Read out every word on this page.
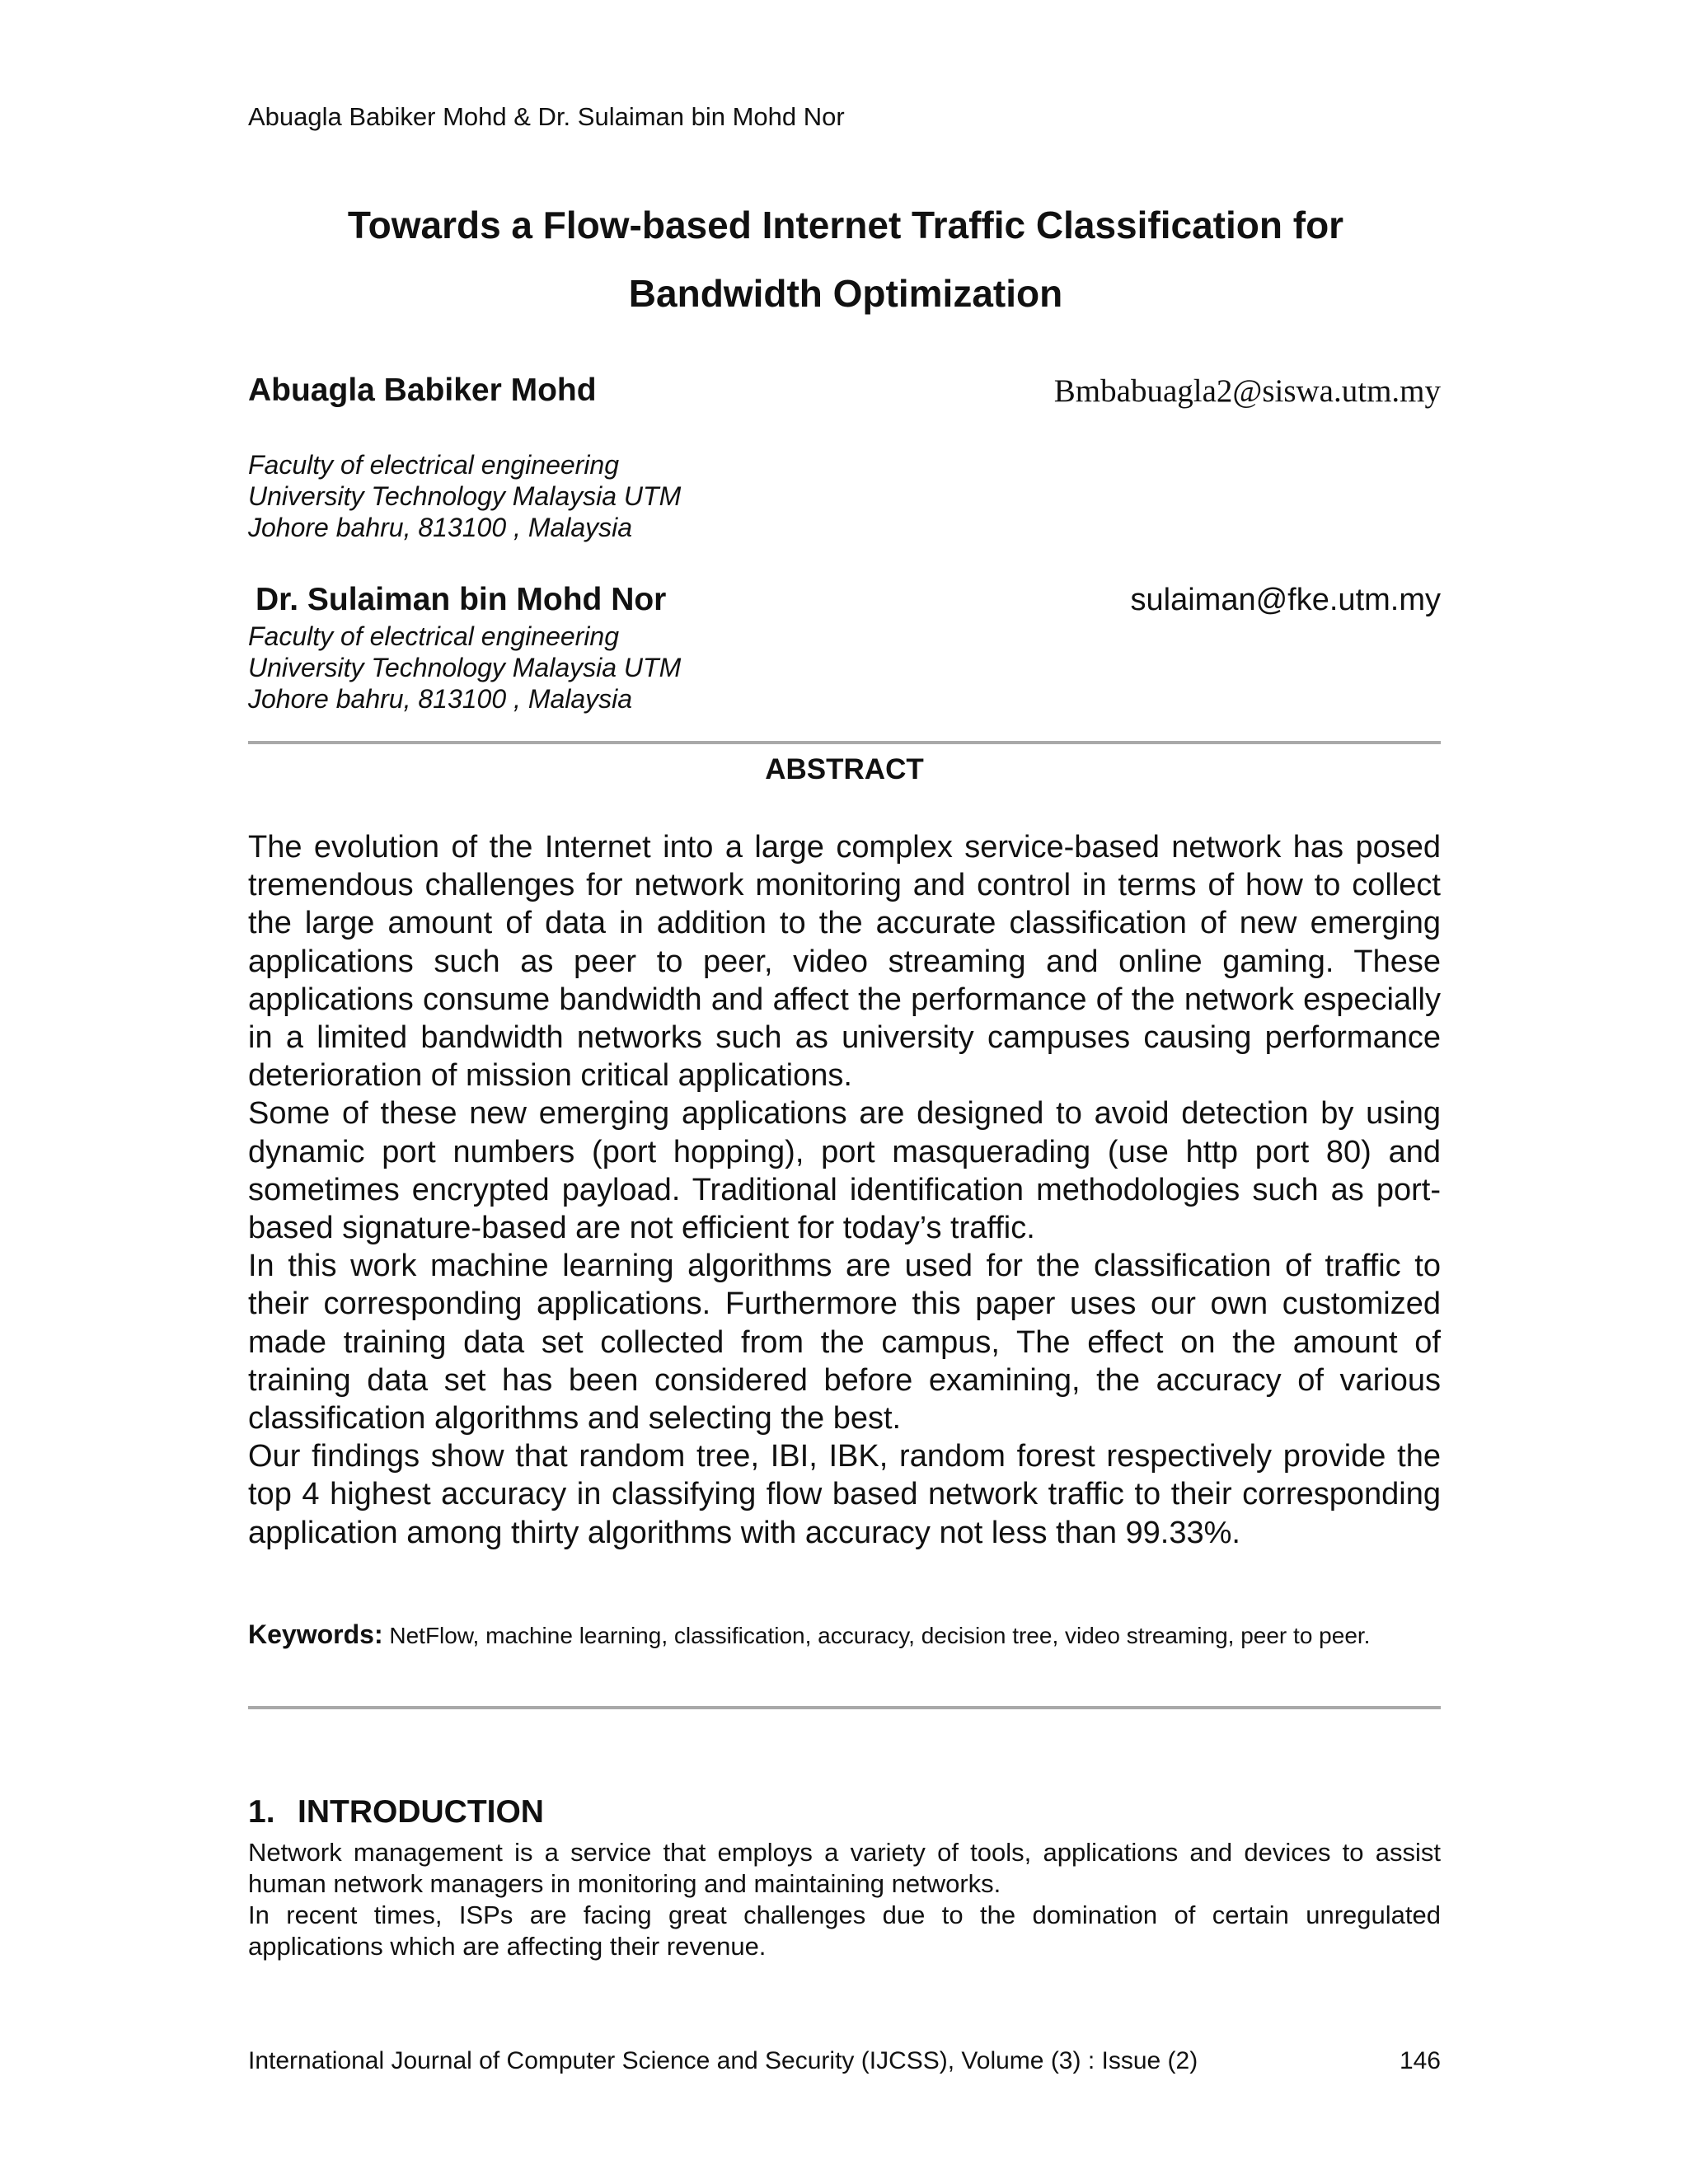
Abuagla Babiker Mohd & Dr. Sulaiman bin Mohd Nor
Towards a Flow-based Internet Traffic Classification for
Bandwidth Optimization
Abuagla Babiker Mohd	Bmbabuagla2@siswa.utm.my
Faculty of electrical engineering
University Technology Malaysia UTM
Johore bahru, 813100 , Malaysia
Dr. Sulaiman bin Mohd Nor	sulaiman@fke.utm.my
Faculty of electrical engineering
University Technology Malaysia UTM
Johore bahru, 813100 , Malaysia
ABSTRACT

The evolution of the Internet into a large complex service-based network has posed tremendous challenges for network monitoring and control in terms of how to collect the large amount of data in addition to the accurate classification of new emerging applications such as peer to peer, video streaming and online gaming. These applications consume bandwidth and affect the performance of the network especially in a limited bandwidth networks such as university campuses causing performance deterioration of mission critical applications.

Some of these new emerging applications are designed to avoid detection by using dynamic port numbers (port hopping), port masquerading (use http port 80) and sometimes encrypted payload. Traditional identification methodologies such as port-based signature-based are not efficient for today’s traffic.

In this work machine learning algorithms are used for the classification of traffic to their corresponding applications. Furthermore this paper uses our own customized made training data set collected from the campus, The effect on the amount of training data set has been considered before examining, the accuracy of various classification algorithms and selecting the best.

Our findings show that random tree, IBI, IBK, random forest respectively provide the top 4 highest accuracy in classifying flow based network traffic to their corresponding application among thirty algorithms with accuracy not less than 99.33%.

Keywords: NetFlow, machine learning, classification, accuracy, decision tree, video streaming, peer to peer.
1. INTRODUCTION

Network management is a service that employs a variety of tools, applications and devices to assist human network managers in monitoring and maintaining networks.

In recent times, ISPs are facing great challenges due to the domination of certain unregulated applications which are affecting their revenue.

International Journal of Computer Science and Security (IJCSS), Volume (3) : Issue (2)	146
